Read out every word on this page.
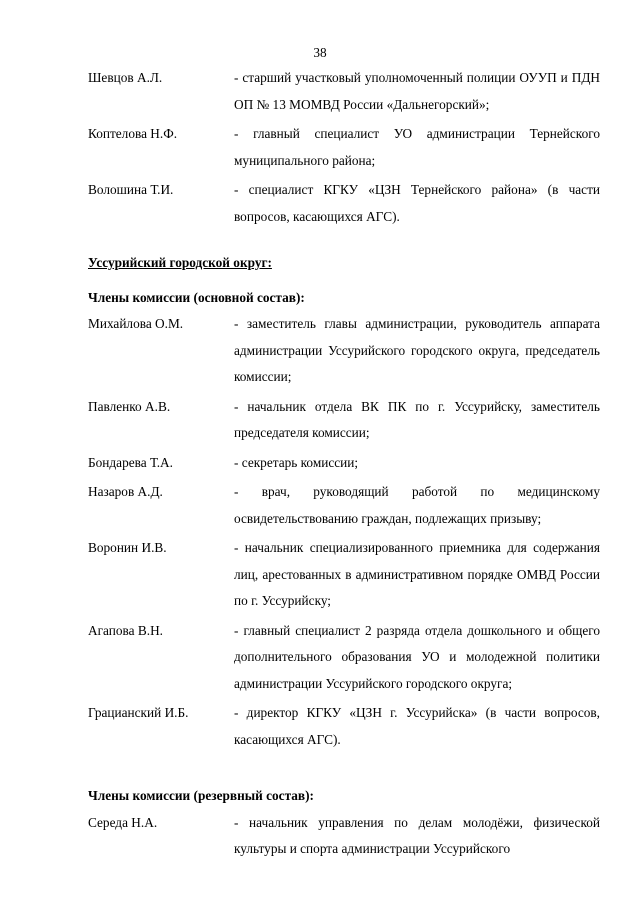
38
Шевцов А.Л.	- старший участковый уполномоченный полиции ОУУП и ПДН ОП № 13 МОМВД России «Дальнегорский»;
Коптелова Н.Ф.	- главный специалист УО администрации Тернейского муниципального района;
Волошина Т.И.	- специалист КГКУ «ЦЗН Тернейского района» (в части вопросов, касающихся АГС).
Уссурийский городской округ:
Члены комиссии (основной состав):
Михайлова О.М.	- заместитель главы администрации, руководитель аппарата администрации Уссурийского городского округа, председатель комиссии;
Павленко А.В.	- начальник отдела ВК ПК по г. Уссурийску, заместитель председателя комиссии;
Бондарева Т.А.	- секретарь комиссии;
Назаров А.Д.	- врач, руководящий работой по медицинскому освидетельствованию граждан, подлежащих призыву;
Воронин И.В.	- начальник специализированного приемника для содержания лиц, арестованных в административном порядке ОМВД России по г. Уссурийску;
Агапова В.Н.	- главный специалист 2 разряда отдела дошкольного и общего дополнительного образования УО и молодежной политики администрации Уссурийского городского округа;
Грацианский И.Б.	- директор КГКУ «ЦЗН г. Уссурийска» (в части вопросов, касающихся АГС).
Члены комиссии (резервный состав):
Середа Н.А.	- начальник управления по делам молодёжи, физической культуры и спорта администрации Уссурийского
